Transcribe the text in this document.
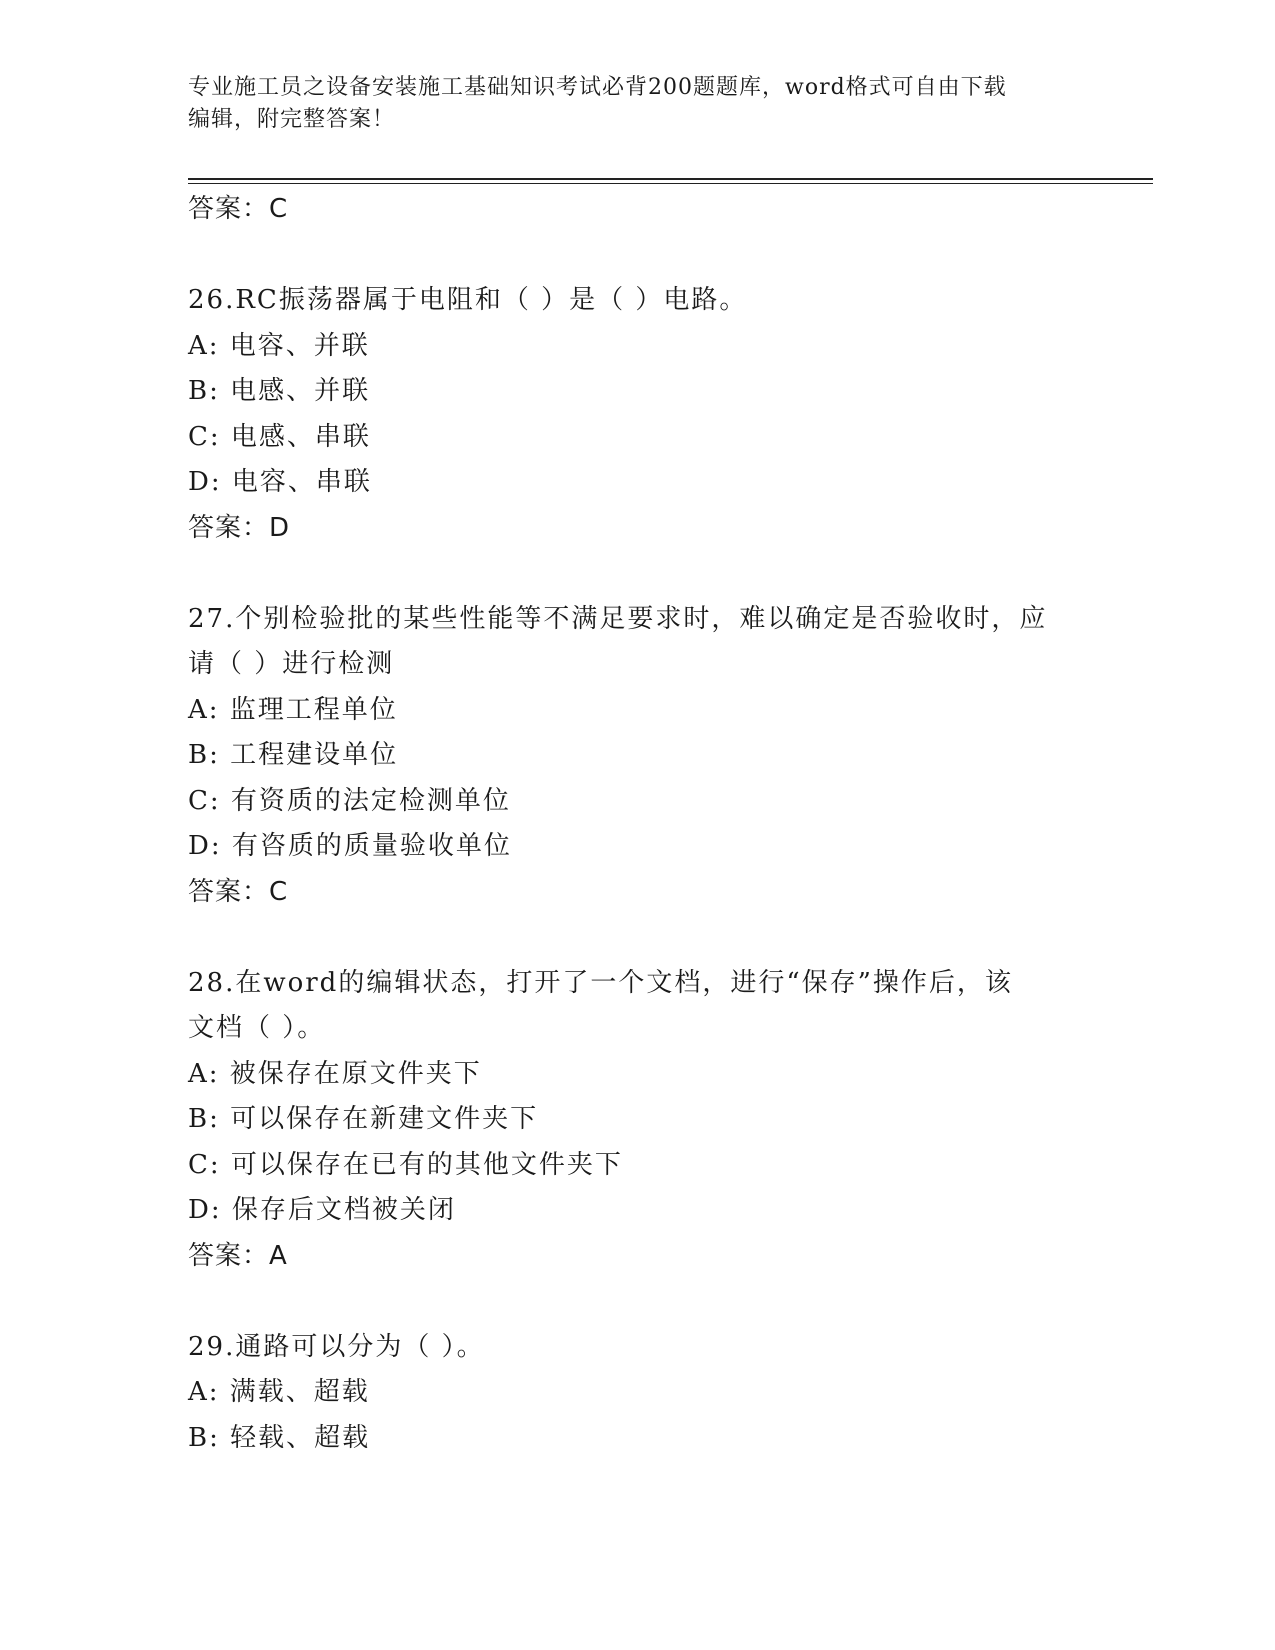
专业施工员之设备安装施工基础知识考试必背200题题库，word格式可自由下载
编辑，附完整答案！
答案：C
26.RC振荡器属于电阻和（ ）是（ ）电路。
A: 电容、并联
B: 电感、并联
C: 电感、串联
D: 电容、串联
答案：D
27.个别检验批的某些性能等不满足要求时，难以确定是否验收时，应
请（ ）进行检测
A: 监理工程单位
B: 工程建设单位
C: 有资质的法定检测单位
D: 有咨质的质量验收单位
答案：C
28.在word的编辑状态，打开了一个文档，进行“保存”操作后，该
文档（ ）。
A: 被保存在原文件夹下
B: 可以保存在新建文件夹下
C: 可以保存在已有的其他文件夹下
D: 保存后文档被关闭
答案：A
29.通路可以分为（ ）。
A: 满载、超载
B: 轻载、超载
